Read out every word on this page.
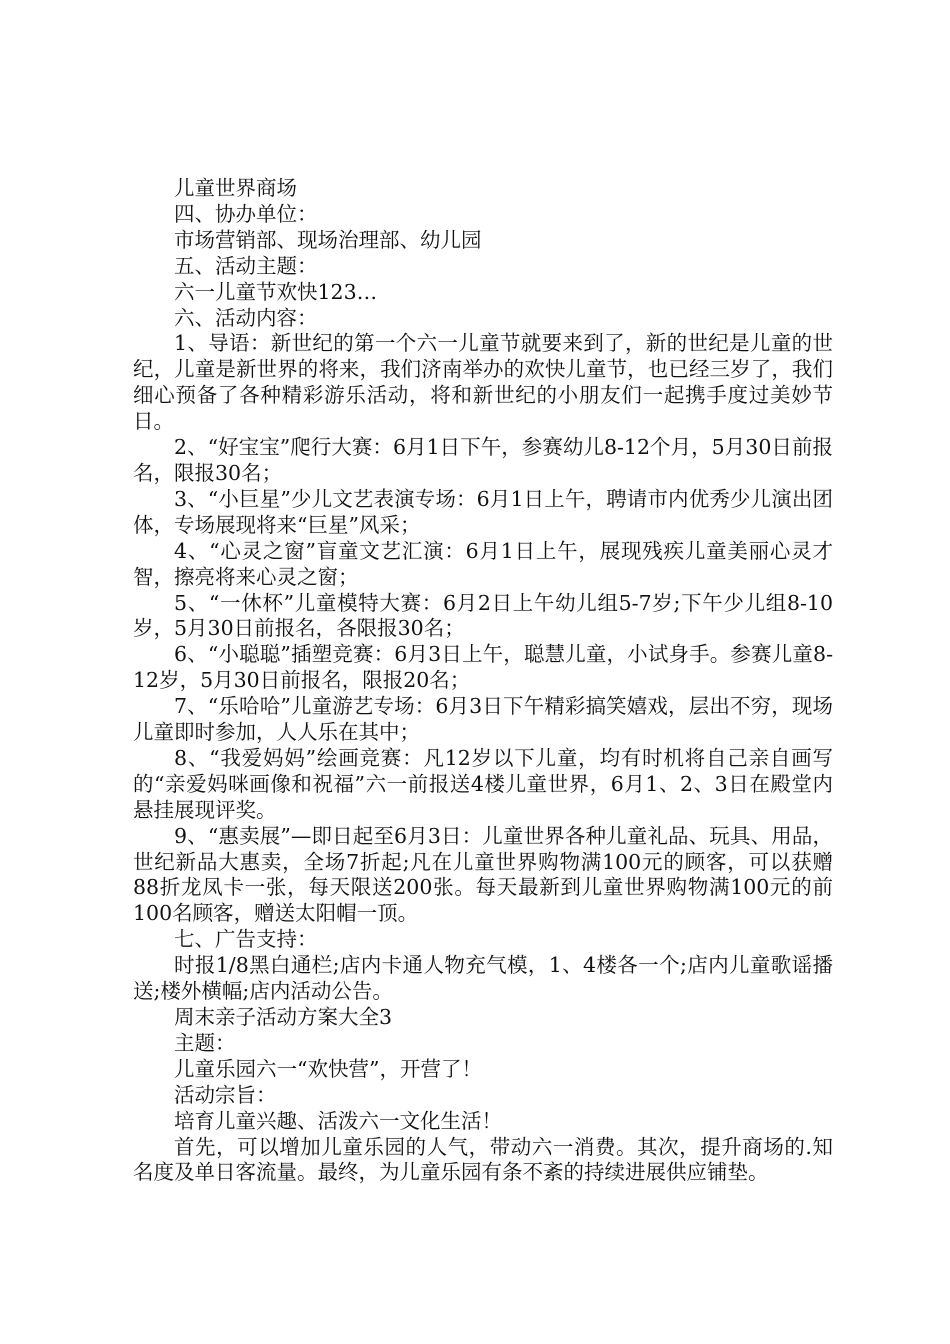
儿童世界商场

四、协办单位：

市场营销部、现场治理部、幼儿园

五、活动主题：

六一儿童节欢快123…

六、活动内容：

1、导语：新世纪的第一个六一儿童节就要来到了，新的世纪是儿童的世纪，儿童是新世界的将来，我们济南举办的欢快儿童节，也已经三岁了，我们细心预备了各种精彩游乐活动，将和新世纪的小朋友们一起携手度过美妙节日。

2、“好宝宝”爬行大赛：6月1日下午，参赛幼儿8-12个月，5月30日前报名，限报30名；

3、“小巨星”少儿文艺表演专场：6月1日上午，聘请市内优秀少儿演出团体，专场展现将来“巨星”风采；

4、“心灵之窗”盲童文艺汇演：6月1日上午，展现残疾儿童美丽心灵才智，擦亮将来心灵之窗；

5、“一休杯”儿童模特大赛：6月2日上午幼儿组5-7岁;下午少儿组8-10岁，5月30日前报名，各限报30名；

6、“小聪聪”插塑竞赛：6月3日上午，聪慧儿童，小试身手。参赛儿童8-12岁，5月30日前报名，限报20名；

7、“乐哈哈”儿童游艺专场：6月3日下午精彩搞笑嬉戏，层出不穷，现场儿童即时参加，人人乐在其中；

8、“我爱妈妈”绘画竞赛：凡12岁以下儿童，均有时机将自己亲自画写的“亲爱妈咪画像和祝福”六一前报送4楼儿童世界，6月1、2、3日在殿堂内悬挂展现评奖。

9、“惠卖展”—即日起至6月3日：儿童世界各种儿童礼品、玩具、用品，世纪新品大惠卖，全场7折起;凡在儿童世界购物满100元的顾客，可以获赠88折龙凤卡一张，每天限送200张。每天最新到儿童世界购物满100元的前100名顾客，赠送太阳帽一顶。

七、广告支持：

时报1/8黑白通栏;店内卡通人物充气模，1、4楼各一个;店内儿童歌谣播送;楼外横幅;店内活动公告。

周末亲子活动方案大全3

主题：

儿童乐园六一“欢快营”，开营了！

活动宗旨：

培育儿童兴趣、活泼六一文化生活！

首先，可以增加儿童乐园的人气，带动六一消费。其次，提升商场的.知名度及单日客流量。最终，为儿童乐园有条不紊的持续进展供应铺垫。
